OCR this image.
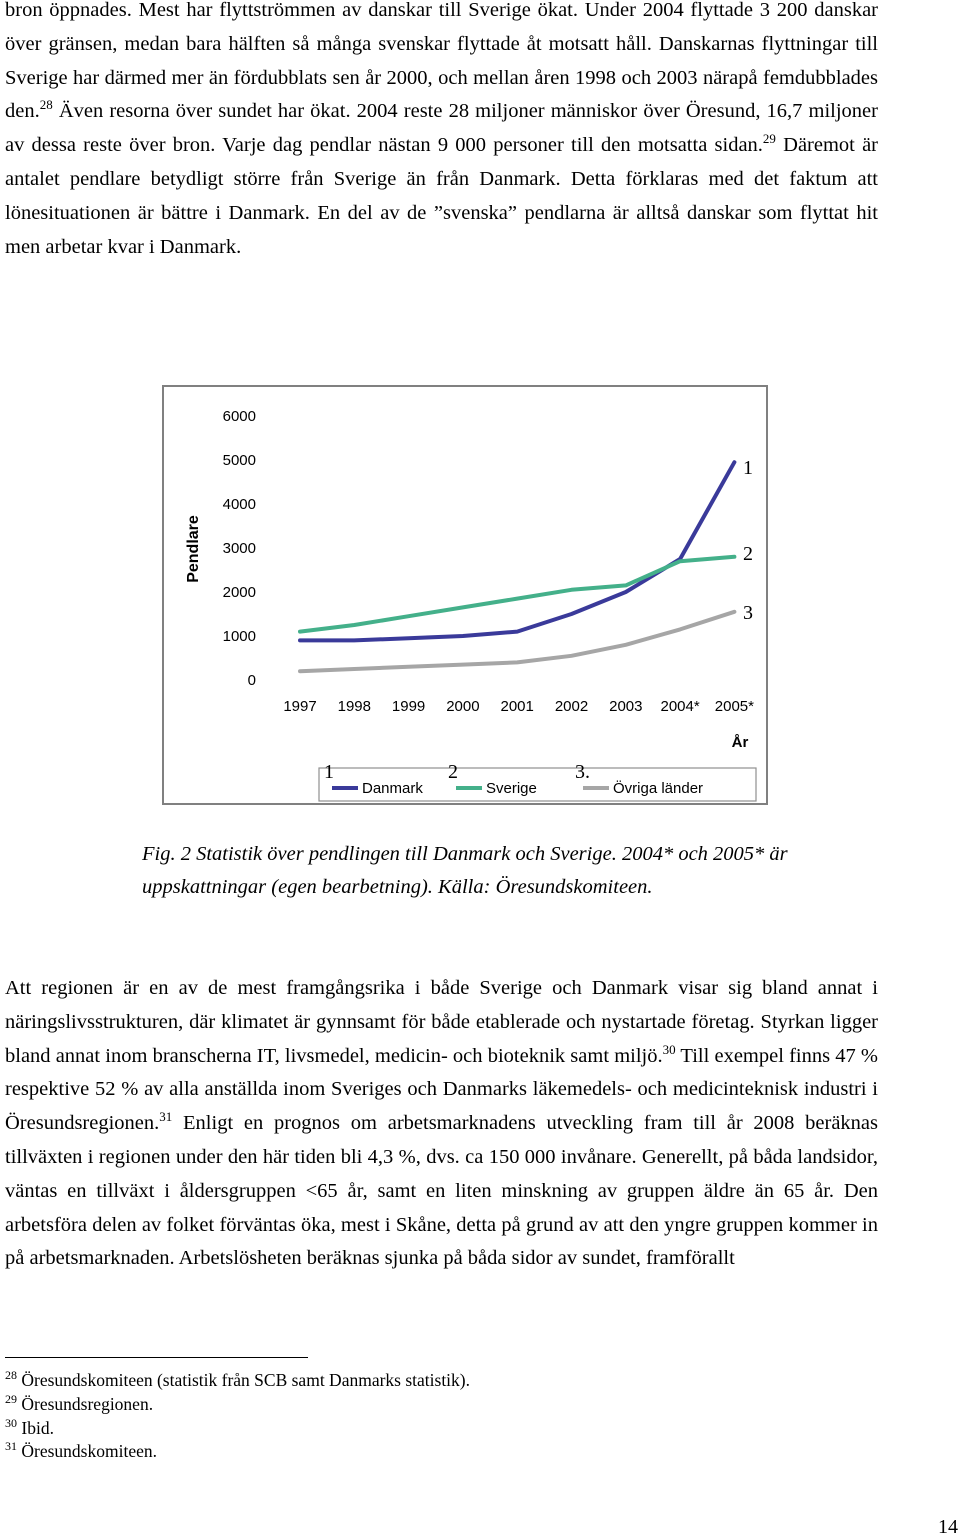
bron öppnades. Mest har flyttströmmen av danskar till Sverige ökat. Under 2004 flyttade 3 200 danskar över gränsen, medan bara hälften så många svenskar flyttade åt motsatt håll. Danskarnas flyttningar till Sverige har därmed mer än fördubblats sen år 2000, och mellan åren 1998 och 2003 närapå femdubblades den.$^{28}$ Även resorna över sundet har ökat. 2004 reste 28 miljoner människor över Öresund, 16,7 miljoner av dessa reste över bron. Varje dag pendlar nästan 9 000 personer till den motsatta sidan.$^{29}$ Däremot är antalet pendlare betydligt större från Sverige än från Danmark. Detta förklaras med det faktum att lönesituationen är bättre i Danmark. En del av de ”svenska” pendlarna är alltså danskar som flyttat hit men arbetar kvar i Danmark.

Pendlare
0
1000
2000
3000
4000
5000
6000
1997 1998 1999 2000 2001 2002 2003 2004* 2005*
År
1
2
3
Danmark
1
Sverige
2
Övriga länder
3.

Fig. 2 Statistik över pendlingen till Danmark och Sverige. 2004* och 2005* är uppskattningar (egen bearbetning). Källa: Öresundskomiteen.

Att regionen är en av de mest framgångsrika i både Sverige och Danmark visar sig bland annat i näringslivsstrukturen, där klimatet är gynnsamt för både etablerade och nystartade företag. Styrkan ligger bland annat inom branscherna IT, livsmedel, medicin- och bioteknik samt miljö.$^{30}$ Till exempel finns 47 % respektive 52 % av alla anställda inom Sveriges och Danmarks läkemedels- och medicinteknisk industri i Öresundsregionen.$^{31}$ Enligt en prognos om arbetsmarknadens utveckling fram till år 2008 beräknas tillväxten i regionen under den här tiden bli 4,3 %, dvs. ca 150 000 invånare. Generellt, på båda landsidor, väntas en tillväxt i åldersgruppen <65 år, samt en liten minskning av gruppen äldre än 65 år. Den arbetsföra delen av folket förväntas öka, mest i Skåne, detta på grund av att den yngre gruppen kommer in på arbetsmarknaden. Arbetslösheten beräknas sjunka på båda sidor av sundet, framförallt

$^{28}$ Öresundskomiteen (statistik från SCB samt Danmarks statistik).

$^{29}$ Öresundsregionen.

$^{30}$ Ibid.

$^{31}$ Öresundskomiteen.

14
